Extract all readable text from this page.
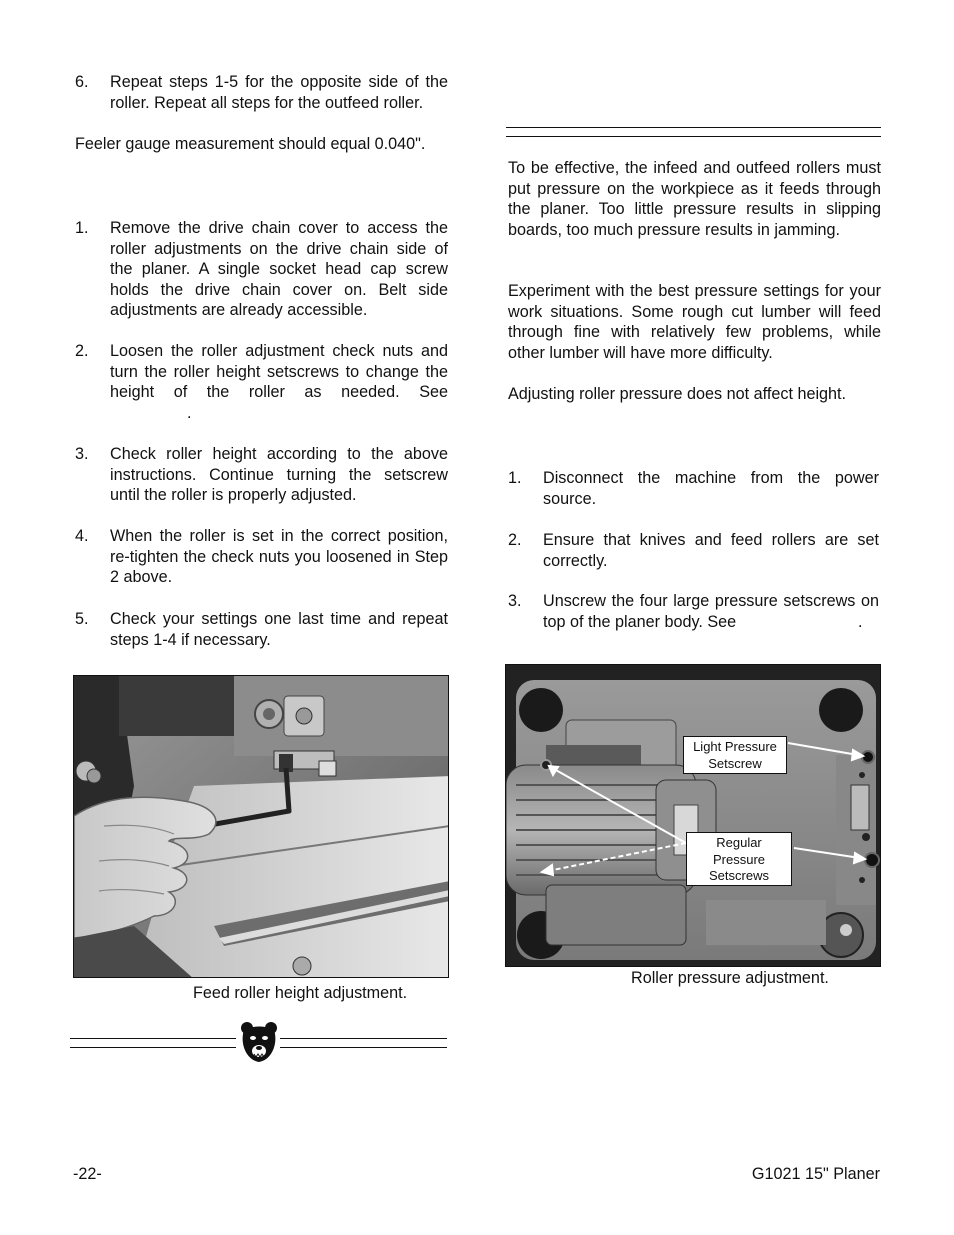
6. Repeat steps 1-5 for the opposite side of the roller. Repeat all steps for the outfeed roller.
Feeler gauge measurement should equal 0.040".
1. Remove the drive chain cover to access the roller adjustments on the drive chain side of the planer. A single socket head cap screw holds the drive chain cover on. Belt side adjustments are already accessible.
2. Loosen the roller adjustment check nuts and turn the roller height setscrews to change the height of the roller as needed. See
.
3. Check roller height according to the above instructions. Continue turning the setscrew until the roller is properly adjusted.
4. When the roller is set in the correct position, re-tighten the check nuts you loosened in Step 2 above.
5. Check your settings one last time and repeat steps 1-4 if necessary.
Feed roller height adjustment.
To be effective, the infeed and outfeed rollers must put pressure on the workpiece as it feeds through the planer. Too little pressure results in slipping boards, too much pressure results in jamming.
Experiment with the best pressure settings for your work situations. Some rough cut lumber will feed through fine with relatively few problems, while other lumber will have more difficulty.
Adjusting roller pressure does not affect height.
1. Disconnect the machine from the power source.
2. Ensure that knives and feed rollers are set correctly.
3. Unscrew the four large pressure setscrews on top of the planer body. See	.
Light Pressure Setscrew
Regular Pressure Setscrews
Roller pressure adjustment.
-22-	G1021 15" Planer
